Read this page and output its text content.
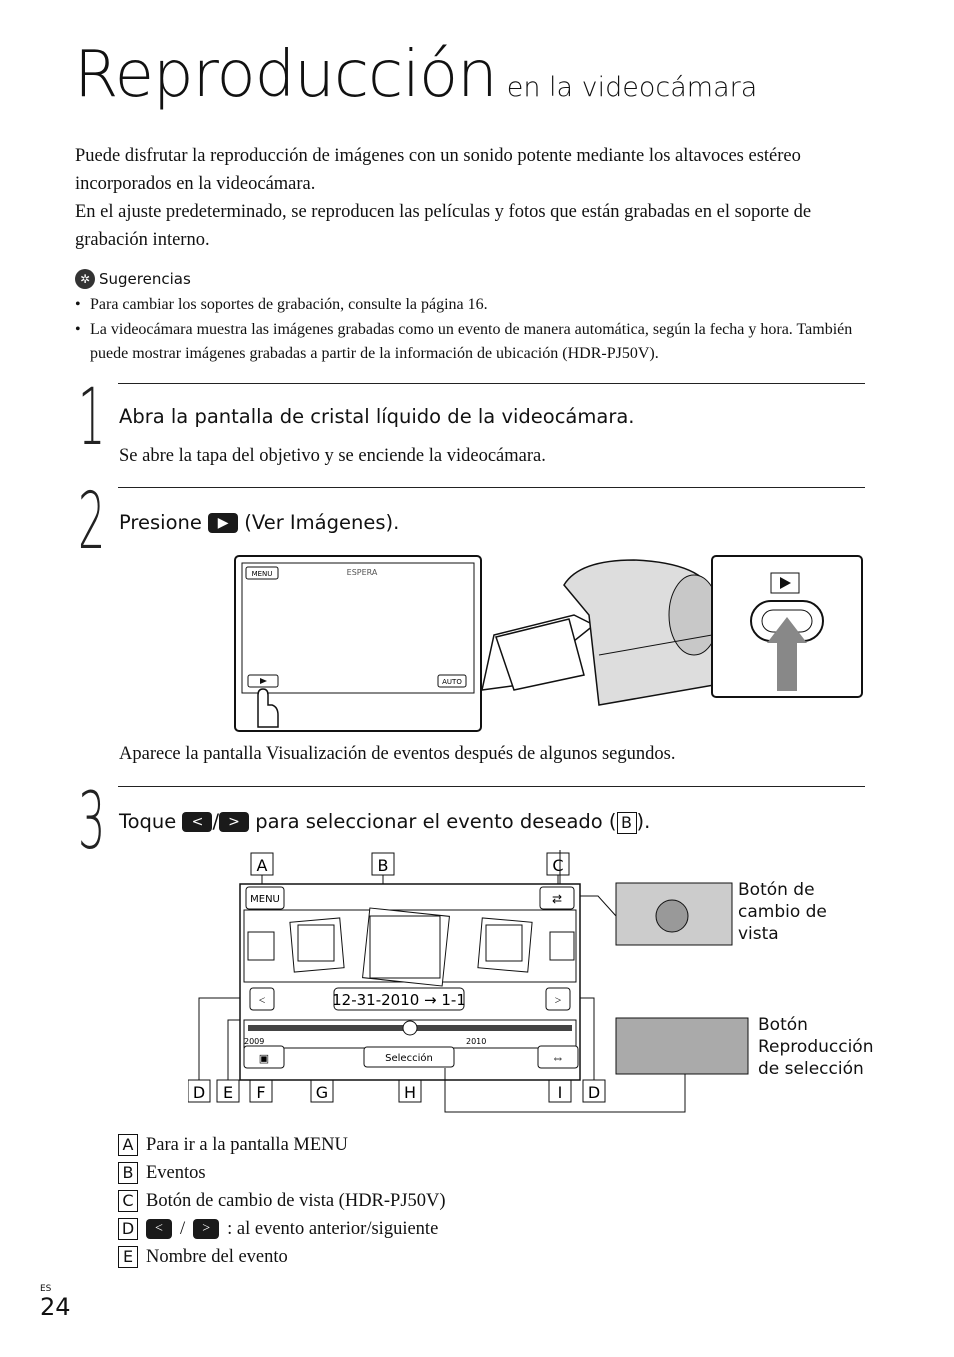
Reproducción en la videocámara
Puede disfrutar la reproducción de imágenes con un sonido potente mediante los altavoces estéreo incorporados en la videocámara.
En el ajuste predeterminado, se reproducen las películas y fotos que están grabadas en el soporte de grabación interno.
✲ Sugerencias
• Para cambiar los soportes de grabación, consulte la página 16.
• La videocámara muestra las imágenes grabadas como un evento de manera automática, según la fecha y hora. También puede mostrar imágenes grabadas a partir de la información de ubicación (HDR-PJ50V).
1 Abra la pantalla de cristal líquido de la videocámara.
Se abre la tapa del objetivo y se enciende la videocámara.
2 Presione ▶ (Ver Imágenes).
MENU	ESPERA
AUTO
Aparece la pantalla Visualización de eventos después de algunos segundos.
3 Toque < / > para seleccionar el evento deseado ( B ).
A	B	C
D E F	G	H	I D
MENU	⇄
<	>
12-31-2010 → 1-1
2009	2010
▣	Selección	⇔
Botón de cambio de vista
Botón Reproducción de selección
A Para ir a la pantalla MENU
B Eventos
C Botón de cambio de vista (HDR-PJ50V)
D	< /	> : al evento anterior/siguiente
E Nombre del evento
ES
24
